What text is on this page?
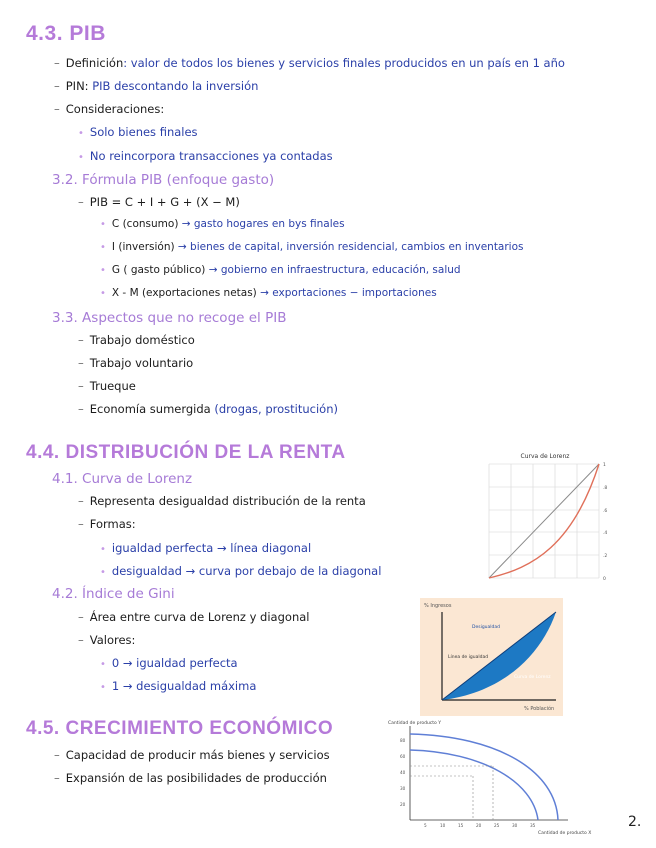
4.3. PIB
– Definición: valor de todos los bienes y servicios finales producidos en un país en 1 año
– PIN: PIB descontando la inversión
– Consideraciones:
• Solo bienes finales
• No reincorpora transacciones ya contadas
3.2. Fórmula PIB (enfoque gasto)
– PIB = C + I + G + (X − M)
• C (consumo) → gasto hogares en bys finales
• I (inversión) → bienes de capital, inversión residencial, cambios en inventarios
• G ( gasto público) → gobierno en infraestructura, educación, salud
• X - M (exportaciones netas) → exportaciones − importaciones
3.3. Aspectos que no recoge el PIB
– Trabajo doméstico
– Trabajo voluntario
– Trueque
– Economía sumergida (drogas, prostitución)
4.4. DISTRIBUCIÓN DE LA RENTA
4.1. Curva de Lorenz
– Representa desigualdad distribución de la renta
– Formas:
• igualdad perfecta → línea diagonal
• desigualdad → curva por debajo de la diagonal
4.2. Índice de Gini
– Área entre curva de Lorenz y diagonal
– Valores:
• 0 → igualdad perfecta
• 1 → desigualdad máxima
4.5. CRECIMIENTO ECONÓMICO
– Capacidad de producir más bienes y servicios
– Expansión de las posibilidades de producción
2.
Curva de Lorenz
1
.8
.6
.4
.2
0
% Ingresos
% Población
Desigualdad
Línea de igualdad
Curva de Lorenz
Cantidad de producto Y
80
60
40
30
20
5	10	15	20	25	30	35
Cantidad de producto X
